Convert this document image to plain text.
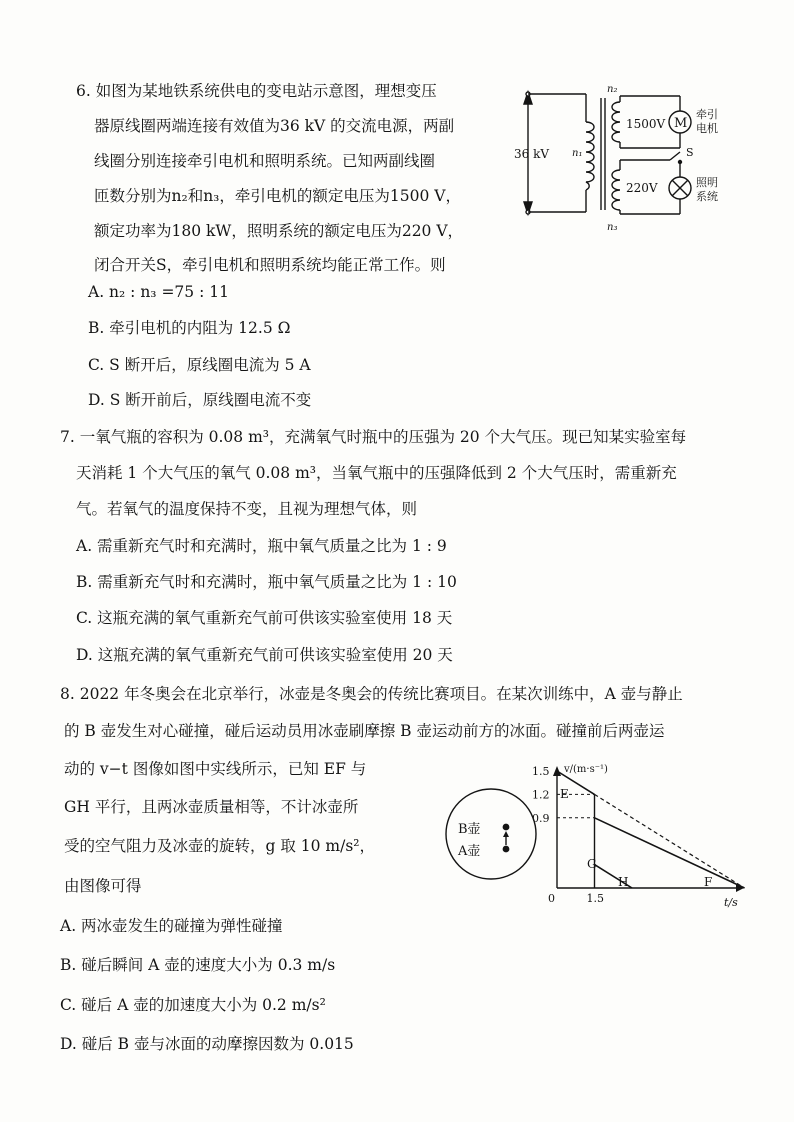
6. 如图为某地铁系统供电的变电站示意图，理想变压
器原线圈两端连接有效值为36 kV 的交流电源，两副
线圈分别连接牵引电机和照明系统。已知两副线圈
匝数分别为n₂和n₃，牵引电机的额定电压为1500 V，
额定功率为180 kW，照明系统的额定电压为220 V，
闭合开关S，牵引电机和照明系统均能正常工作。则
A. n₂ : n₃ =75 : 11
B. 牵引电机的内阻为 12.5 Ω
C. S 断开后，原线圈电流为 5 A
D. S 断开前后，原线圈电流不变
36 kV n₁
n₂
n₃
1500V
220V
M
牵引
电机
S
照明
系统
7. 一氧气瓶的容积为 0.08 m³，充满氧气时瓶中的压强为 20 个大气压。现已知某实验室每
天消耗 1 个大气压的氧气 0.08 m³，当氧气瓶中的压强降低到 2 个大气压时，需重新充
气。若氧气的温度保持不变，且视为理想气体，则
A. 需重新充气时和充满时，瓶中氧气质量之比为 1 : 9
B. 需重新充气时和充满时，瓶中氧气质量之比为 1 : 10
C. 这瓶充满的氧气重新充气前可供该实验室使用 18 天
D. 这瓶充满的氧气重新充气前可供该实验室使用 20 天
8. 2022 年冬奥会在北京举行，冰壶是冬奥会的传统比赛项目。在某次训练中，A 壶与静止
的 B 壶发生对心碰撞，碰后运动员用冰壶刷摩擦 B 壶运动前方的冰面。碰撞前后两壶运
动的 v−t 图像如图中实线所示，已知 EF 与
GH 平行，且两冰壶质量相等，不计冰壶所
受的空气阻力及冰壶的旋转，g 取 10 m/s²，
由图像可得
A. 两冰壶发生的碰撞为弹性碰撞
B. 碰后瞬间 A 壶的速度大小为 0.3 m/s
C. 碰后 A 壶的加速度大小为 0.2 m/s²
D. 碰后 B 壶与冰面的动摩擦因数为 0.015
B壶
A壶
1.5
1.2
0.9
1.5
v/(m·s⁻¹)
t/s
0
E
G
H	F
